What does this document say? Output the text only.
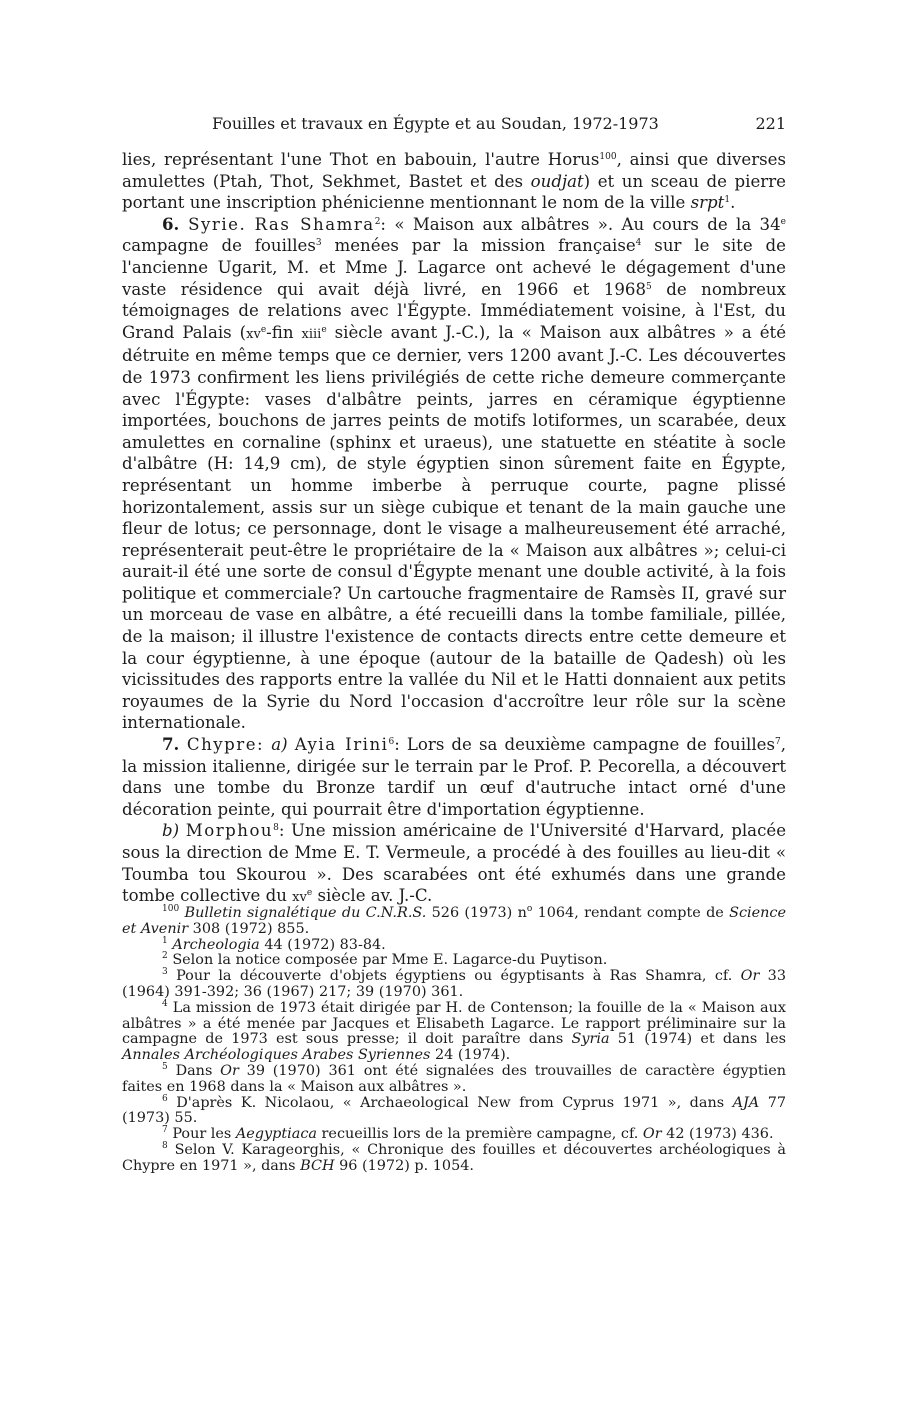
Fouilles et travaux en Égypte et au Soudan, 1972-1973	221

lies, représentant l'une Thot en babouin, l'autre Horus$^{100}$, ainsi que diverses amulettes (Ptah, Thot, Sekhmet, Bastet et des oudjat) et un sceau de pierre portant une inscription phénicienne mentionnant le nom de la ville srpt$^1$.

6. Syrie. Ras Shamra$^2$: « Maison aux albâtres ». Au cours de la 34e campagne de fouilles$^3$ menées par la mission française$^4$ sur le site de l'ancienne Ugarit, M. et Mme J. Lagarce ont achevé le dégagement d'une vaste résidence qui avait déjà livré, en 1966 et 1968$^5$ de nombreux témoignages de relations avec l'Égypte. Immédiatement voisine, à l'Est, du Grand Palais ($xv^e$-fin xiii$^e$ siècle avant J.-C.), la « Maison aux albâtres » a été détruite en même temps que ce dernier, vers 1200 avant J.-C. Les découvertes de 1973 confirment les liens privilégiés de cette riche demeure commerçante avec l'Égypte: vases d'albâtre peints, jarres en céramique égyptienne importées, bouchons de jarres peints de motifs lotiformes, un scarabée, deux amulettes en cornaline (sphinx et uraeus), une statuette en stéatite à socle d'albâtre (H: 14,9 cm), de style égyptien sinon sûrement faite en Égypte, représentant un homme imberbe à perruque courte, pagne plissé horizontalement, assis sur un siège cubique et tenant de la main gauche une fleur de lotus; ce personnage, dont le visage a malheureusement été arraché, représenterait peut-être le propriétaire de la « Maison aux albâtres »; celui-ci aurait-il été une sorte de consul d'Égypte menant une double activité, à la fois politique et commerciale? Un cartouche fragmentaire de Ramsès II, gravé sur un morceau de vase en albâtre, a été recueilli dans la tombe familiale, pillée, de la maison; il illustre l'existence de contacts directs entre cette demeure et la cour égyptienne, à une époque (autour de la bataille de Qadesh) où les vicissitudes des rapports entre la vallée du Nil et le Hatti donnaient aux petits royaumes de la Syrie du Nord l'occasion d'accroître leur rôle sur la scène internationale.

7. Chypre: a) Ayia Irini$^6$: Lors de sa deuxième campagne de fouilles$^7$, la mission italienne, dirigée sur le terrain par le Prof. P. Pecorella, a découvert dans une tombe du Bronze tardif un œuf d'autruche intact orné d'une décoration peinte, qui pourrait être d'importation égyptienne.

b) Morphou$^8$: Une mission américaine de l'Université d'Harvard, placée sous la direction de Mme E. T. Vermeule, a procédé à des fouilles au lieu-dit « Toumba tou Skourou ». Des scarabées ont été exhumés dans une grande tombe collective du $xv^e$ siècle av. J.-C.

$^{100}$ Bulletin signalétique du C.N.R.S. 526 (1973) $n^o$ 1064, rendant compte de Science et Avenir 308 (1972) 855.

$^1$ Archeologia 44 (1972) 83-84.

$^2$ Selon la notice composée par Mme E. Lagarce-du Puytison.

$^3$ Pour la découverte d'objets égyptiens ou égyptisants à Ras Shamra, cf. Or 33 (1964) 391-392; 36 (1967) 217; 39 (1970) 361.

$^4$ La mission de 1973 était dirigée par H. de Contenson; la fouille de la « Maison aux albâtres » a été menée par Jacques et Elisabeth Lagarce. Le rapport préliminaire sur la campagne de 1973 est sous presse; il doit paraître dans Syria 51 (1974) et dans les Annales Archéologiques Arabes Syriennes 24 (1974).

$^5$ Dans Or 39 (1970) 361 ont été signalées des trouvailles de caractère égyptien faites en 1968 dans la « Maison aux albâtres ».

$^6$ D'après K. Nicolaou, « Archaeological New from Cyprus 1971 », dans AJA 77 (1973) 55.

$^7$ Pour les Aegyptiaca recueillis lors de la première campagne, cf. Or 42 (1973) 436.

$^8$ Selon V. Karageorghis, « Chronique des fouilles et découvertes archéologiques à Chypre en 1971 », dans BCH 96 (1972) p. 1054.
